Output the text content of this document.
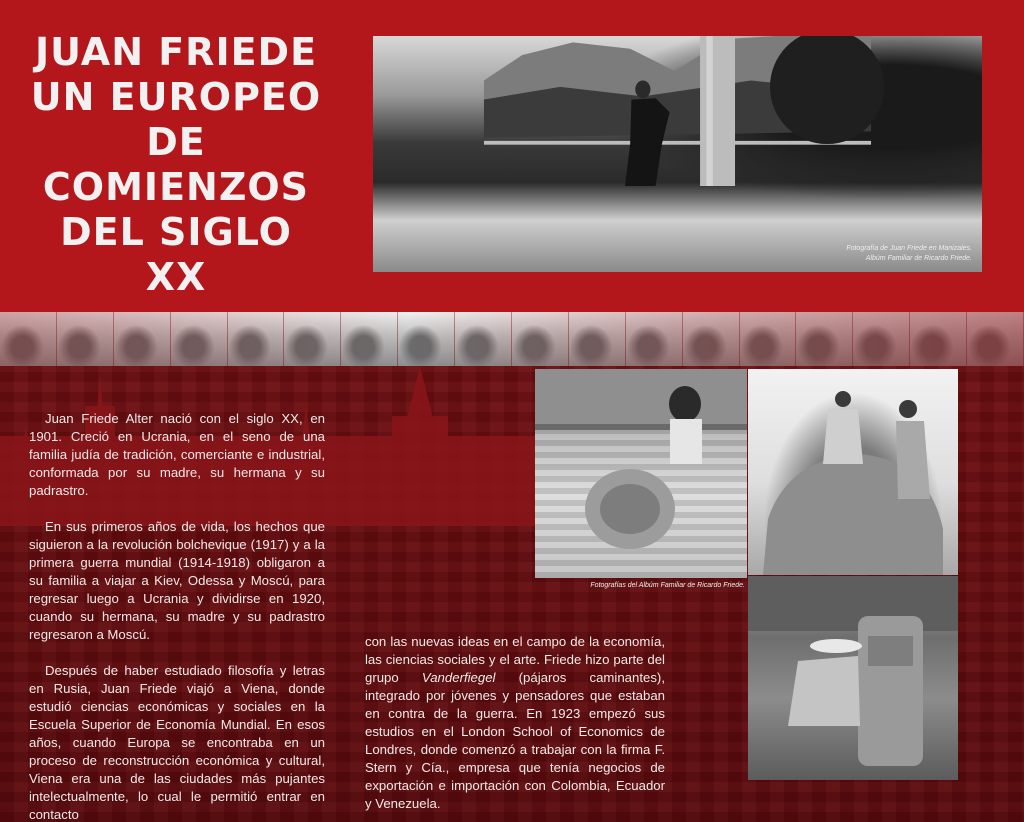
JUAN FRIEDE
UN EUROPEO
DE COMIENZOS
DEL SIGLO XX
Fotografía de Juan Friede en Manizales.
Albúm Familiar de Ricardo Friede.

Juan Friede Alter nació con el siglo XX, en 1901. Creció en Ucrania, en el seno de una familia judía de tradición, comerciante e industrial, conformada por su madre, su hermana y su padrastro.

En sus primeros años de vida, los hechos que siguieron a la revolución bolchevique (1917) y a la primera guerra mundial (1914-1918) obligaron a su familia a viajar a Kiev, Odessa y Moscú, para regresar luego a Ucrania y dividirse en 1920, cuando su hermana, su madre y su padrastro regresaron a Moscú.

Después de haber estudiado filosofía y letras en Rusia, Juan Friede viajó a Viena, donde estudió ciencias económicas y sociales en la Escuela Superior de Economía Mundial. En esos años, cuando Europa se encontraba en un proceso de reconstrucción económica y cultural, Viena era una de las ciudades más pujantes intelectualmente, lo cual le permitió entrar en contacto

con las nuevas ideas en el campo de la economía, las ciencias sociales y el arte. Friede hizo parte del grupo Vanderfiegel (pájaros caminantes), integrado por jóvenes y pensadores que estaban en contra de la guerra. En 1923 empezó sus estudios en el London School of Economics de Londres, donde comenzó a trabajar con la firma F. Stern y Cía., empresa que tenía negocios de exportación e importación con Colombia, Ecuador y Venezuela.

Fotografías del Albúm Familiar de Ricardo Friede.
